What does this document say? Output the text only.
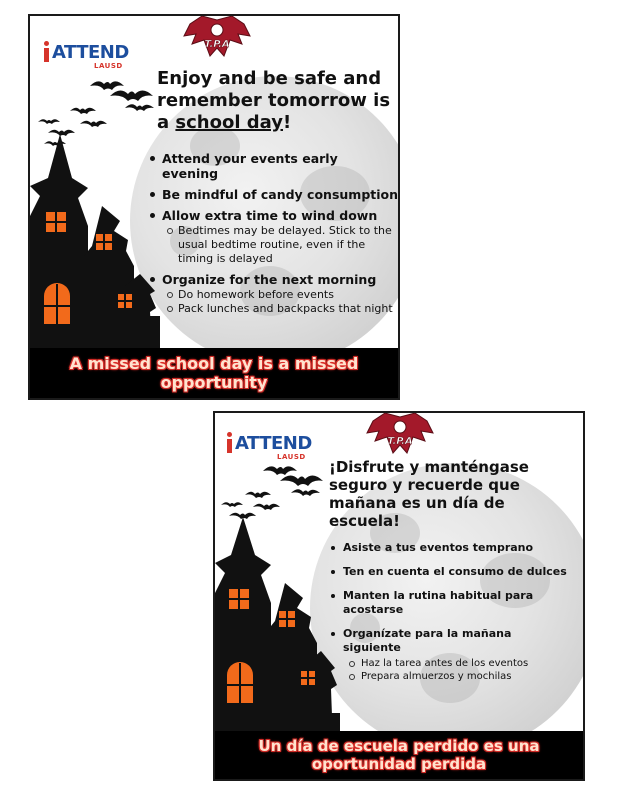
ATTEND
LAUSD
T.P.A

Enjoy and be safe and remember tomorrow is a school day!

Attend your events early evening
Be mindful of candy consumption
Allow extra time to wind down
Bedtimes may be delayed. Stick to the usual bedtime routine, even if the timing is delayed
Organize for the next morning
Do homework before events
Pack lunches and backpacks that night
A missed school day is a missed opportunity
ATTEND
LAUSD
T.P.A

¡Disfrute y manténgase seguro y recuerde que mañana es un día de escuela!

Asiste a tus eventos temprano
Ten en cuenta el consumo de dulces
Manten la rutina habitual para acostarse
Organízate para la mañana siguiente
Haz la tarea antes de los eventos
Prepara almuerzos y mochilas
Un día de escuela perdido es una oportunidad perdida
